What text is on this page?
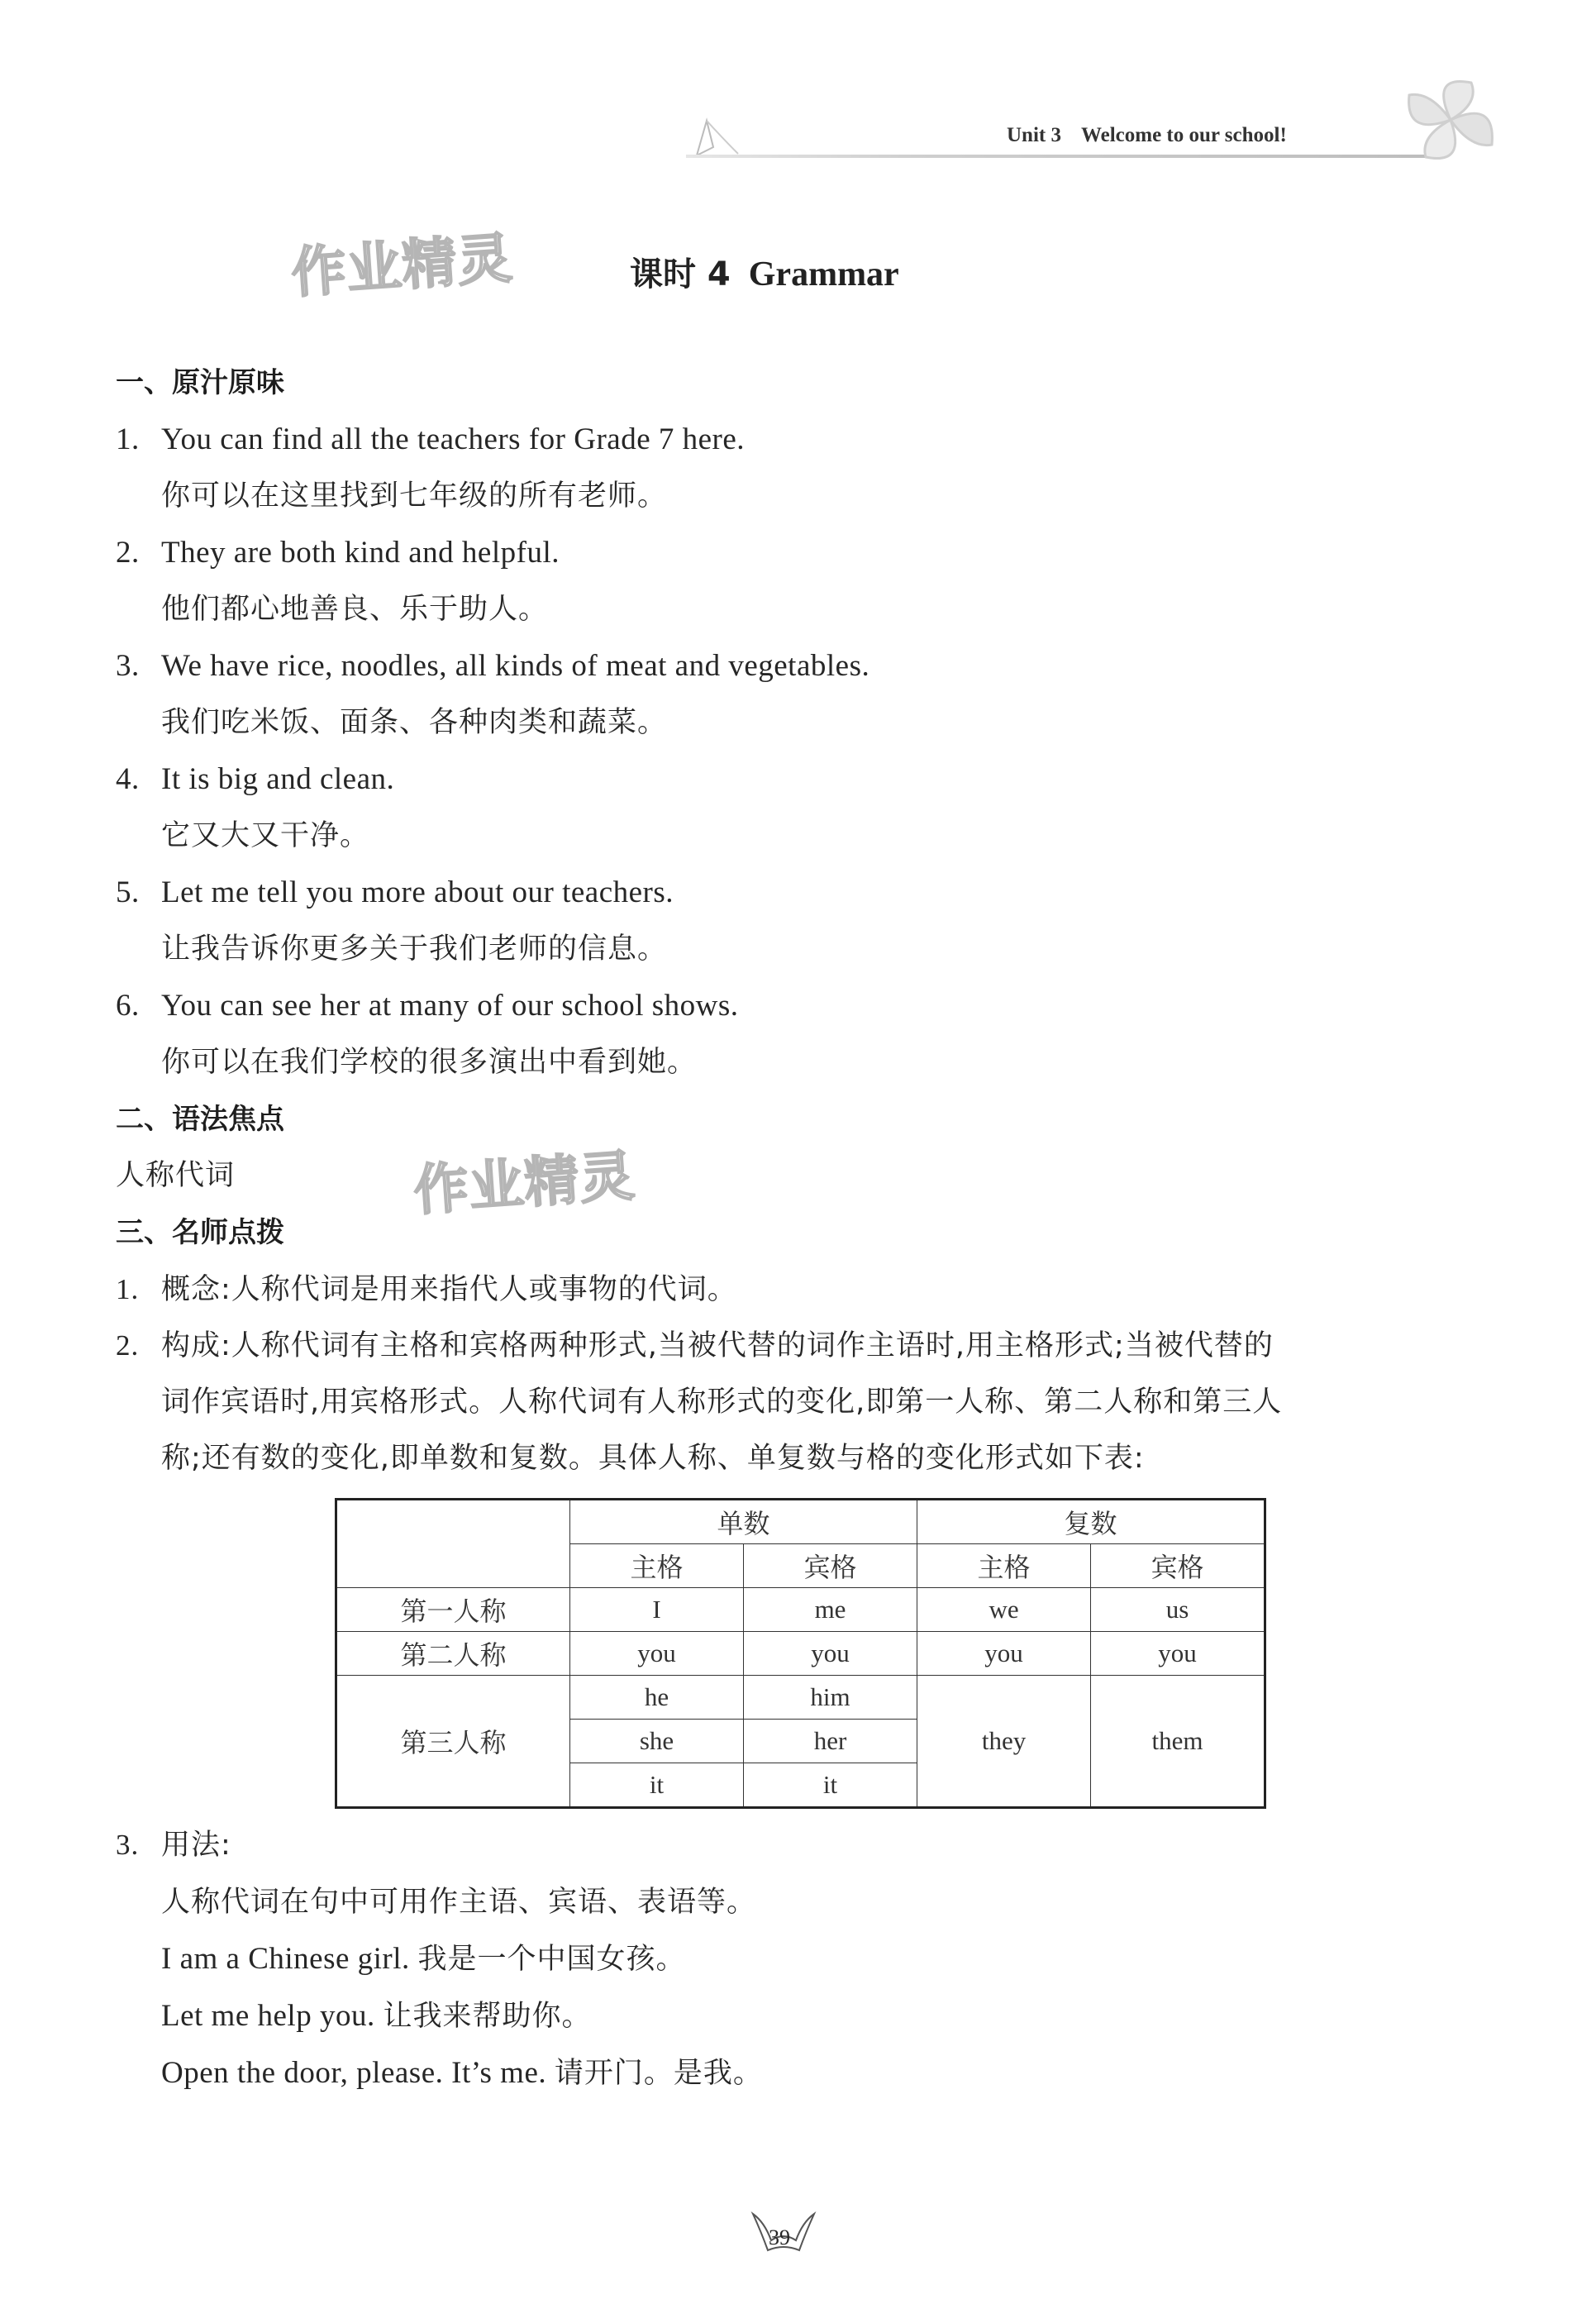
Unit 3 Welcome to our school!
作业精灵
作业精灵
课时 4 Grammar
一、原汁原味
1. You can find all the teachers for Grade 7 here.
你可以在这里找到七年级的所有老师。
2. They are both kind and helpful.
他们都心地善良、乐于助人。
3. We have rice, noodles, all kinds of meat and vegetables.
我们吃米饭、面条、各种肉类和蔬菜。
4. It is big and clean.
它又大又干净。
5. Let me tell you more about our teachers.
让我告诉你更多关于我们老师的信息。
6. You can see her at many of our school shows.
你可以在我们学校的很多演出中看到她。
二、语法焦点
人称代词
三、名师点拨
1. 概念:人称代词是用来指代人或事物的代词。
2. 构成:人称代词有主格和宾格两种形式,当被代替的词作主语时,用主格形式;当被代替的
词作宾语时,用宾格形式。人称代词有人称形式的变化,即第一人称、第二人称和第三人
称;还有数的变化,即单数和复数。具体人称、单复数与格的变化形式如下表:
	单数		复数	
	主格	宾格	主格	宾格
第一人称	I	me	we	us
第二人称	you	you	you	you
第三人称	he	him	they	them
	she	her		
	it	it		
3. 用法:
人称代词在句中可用作主语、宾语、表语等。
I am a Chinese girl. 我是一个中国女孩。
Let me help you. 让我来帮助你。
Open the door, please. It’s me. 请开门。是我。
39
